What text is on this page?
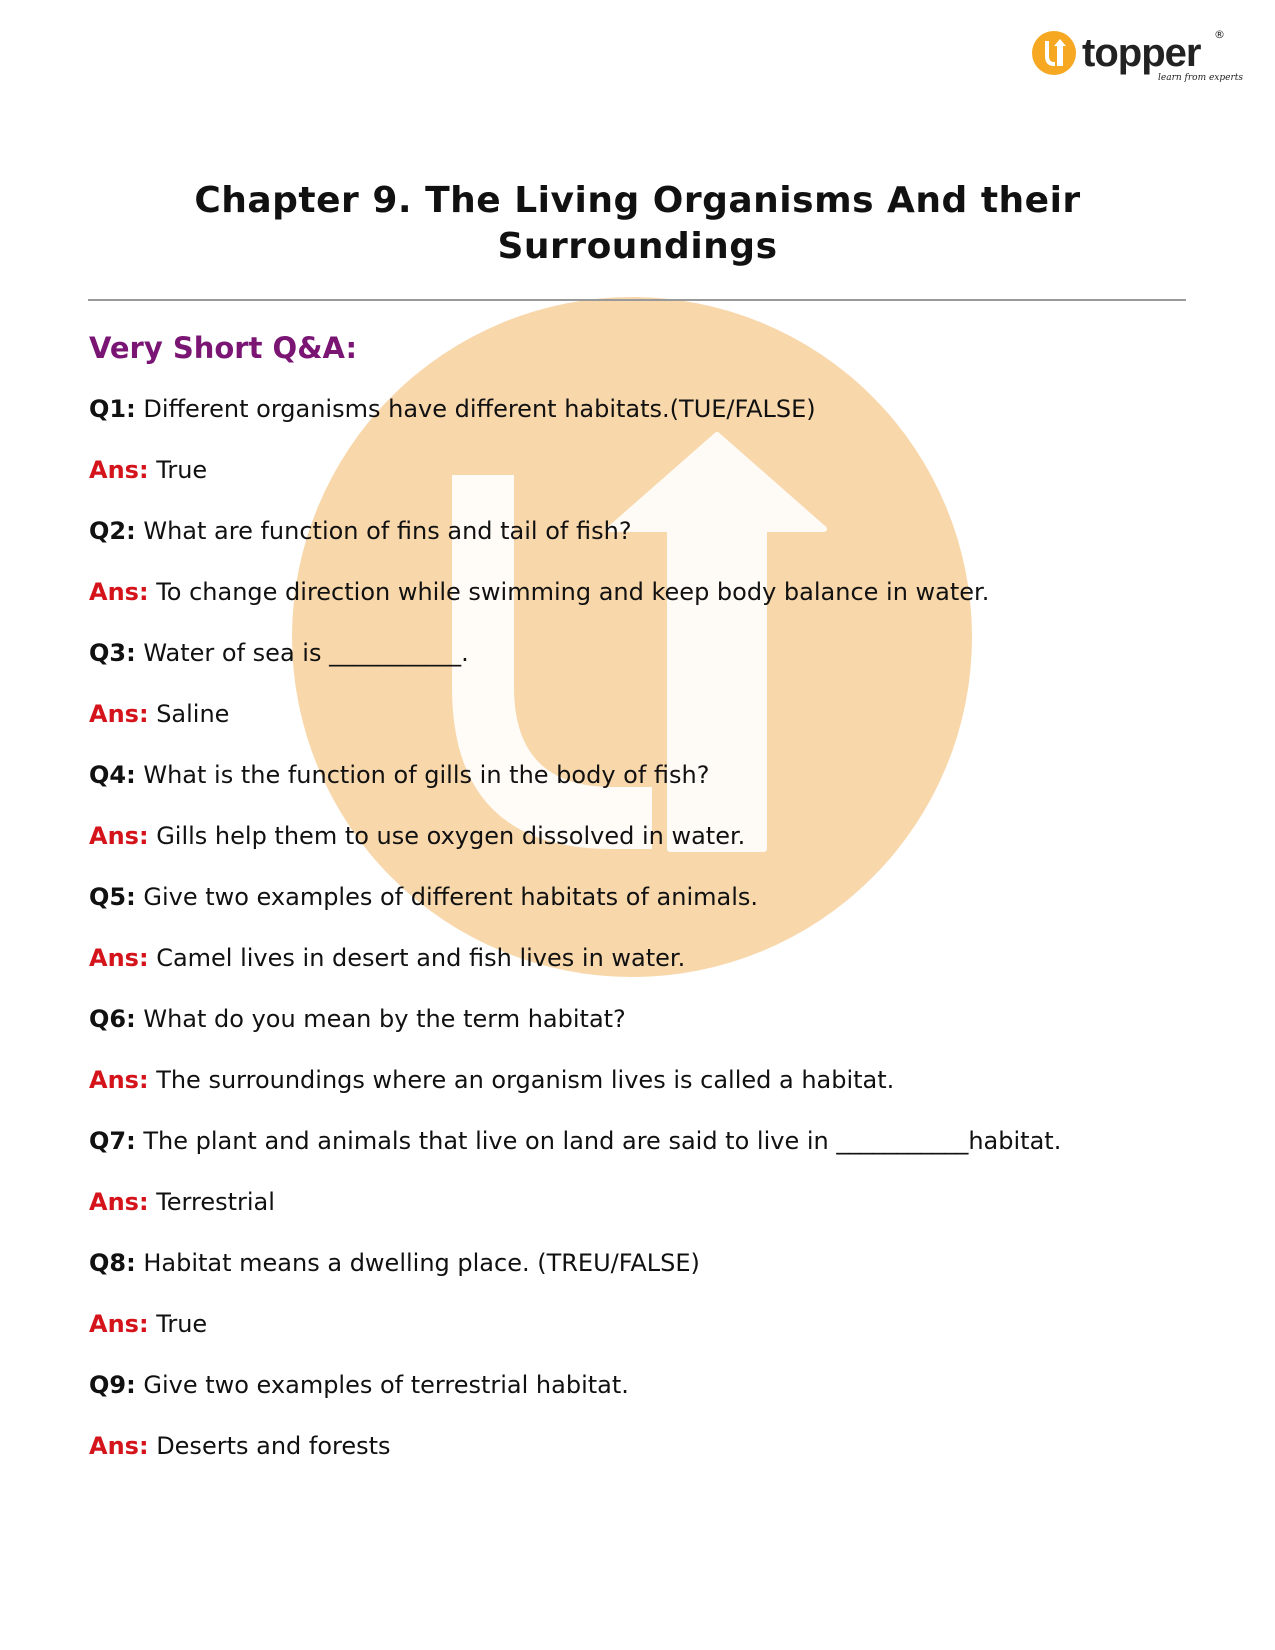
topper
learn from experts
®
Chapter 9. The Living Organisms And their
Surroundings
Very Short Q&A:
Q1: Different organisms have different habitats.(TUE/FALSE)
Ans: True
Q2: What are function of fins and tail of fish?
Ans: To change direction while swimming and keep body balance in water.
Q3: Water of sea is ___________.
Ans: Saline
Q4: What is the function of gills in the body of fish?
Ans: Gills help them to use oxygen dissolved in water.
Q5: Give two examples of different habitats of animals.
Ans: Camel lives in desert and fish lives in water.
Q6: What do you mean by the term habitat?
Ans: The surroundings where an organism lives is called a habitat.
Q7: The plant and animals that live on land are said to live in ___________habitat.
Ans: Terrestrial
Q8: Habitat means a dwelling place. (TREU/FALSE)
Ans: True
Q9: Give two examples of terrestrial habitat.
Ans: Deserts and forests
